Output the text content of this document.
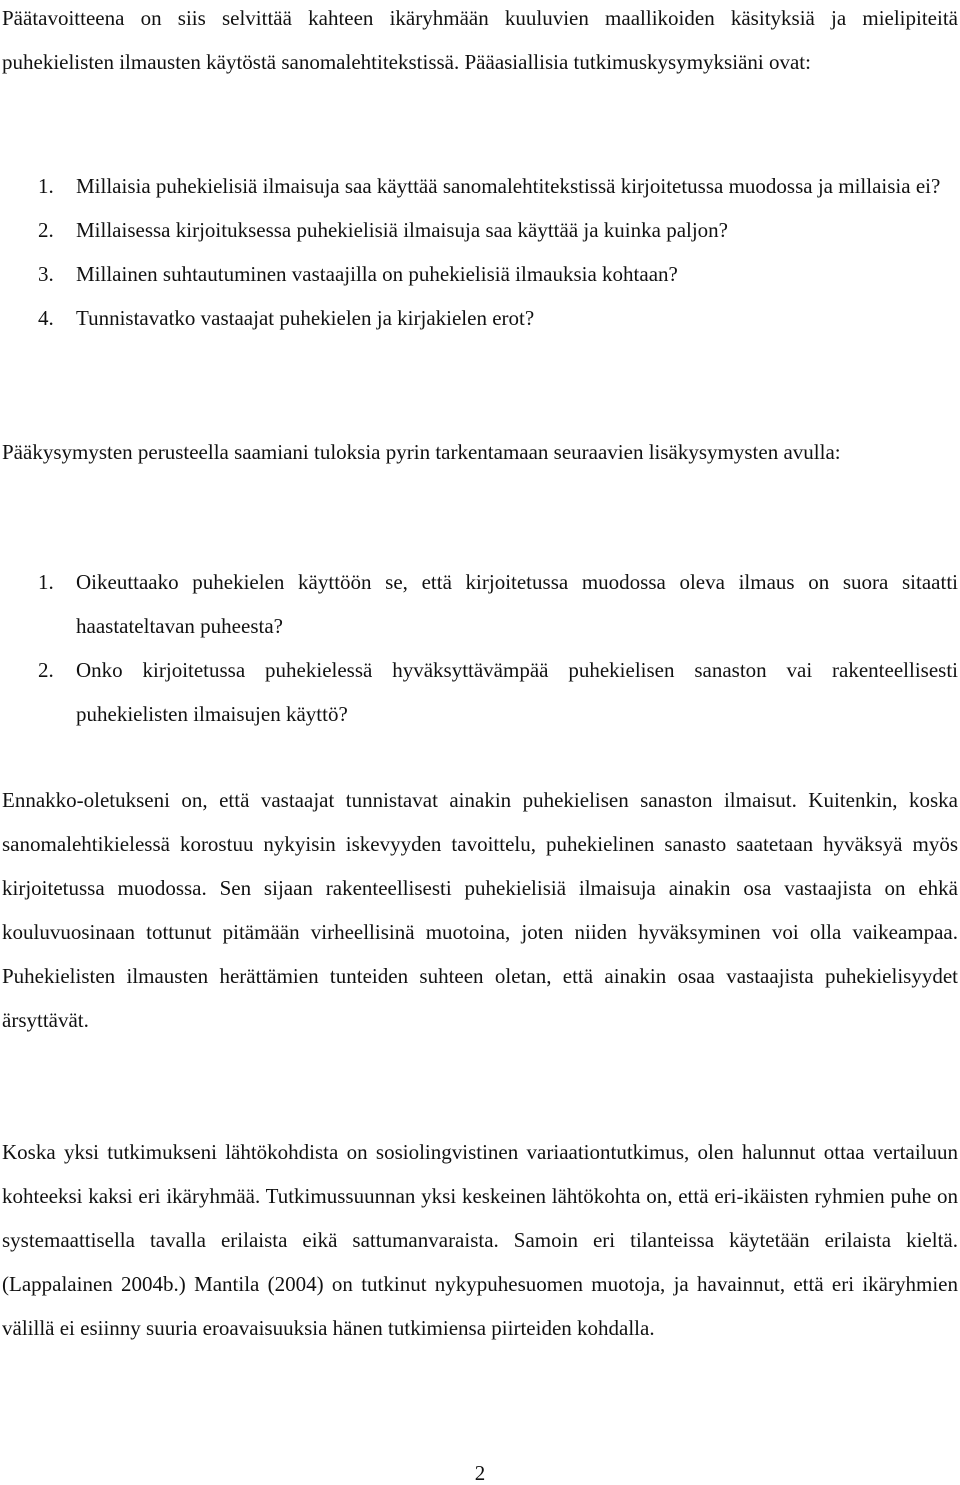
Päätavoitteena on siis selvittää kahteen ikäryhmään kuuluvien maallikoiden käsityksiä ja mielipiteitä puhekielisten ilmausten käytöstä sanomalehtitekstissä. Pääasiallisia tutkimuskysymyksiäni ovat:

1. Millaisia puhekielisiä ilmaisuja saa käyttää sanomalehtitekstissä kirjoitetussa muodossa ja millaisia ei?
2. Millaisessa kirjoituksessa puhekielisiä ilmaisuja saa käyttää ja kuinka paljon?
3. Millainen suhtautuminen vastaajilla on puhekielisiä ilmauksia kohtaan?
4. Tunnistavatko vastaajat puhekielen ja kirjakielen erot?

Pääkysymysten perusteella saamiani tuloksia pyrin tarkentamaan seuraavien lisäkysymysten avulla:

1. Oikeuttaako puhekielen käyttöön se, että kirjoitetussa muodossa oleva ilmaus on suora sitaatti haastateltavan puheesta?
2. Onko kirjoitetussa puhekielessä hyväksyttävämpää puhekielisen sanaston vai rakenteellisesti puhekielisten ilmaisujen käyttö?

Ennakko-oletukseni on, että vastaajat tunnistavat ainakin puhekielisen sanaston ilmaisut. Kuitenkin, koska sanomalehtikielessä korostuu nykyisin iskevyyden tavoittelu, puhekielinen sanasto saatetaan hyväksyä myös kirjoitetussa muodossa. Sen sijaan rakenteellisesti puhekielisiä ilmaisuja ainakin osa vastaajista on ehkä kouluvuosinaan tottunut pitämään virheellisinä muotoina, joten niiden hyväksyminen voi olla vaikeampaa. Puhekielisten ilmausten herättämien tunteiden suhteen oletan, että ainakin osaa vastaajista puhekielisyydet ärsyttävät.

Koska yksi tutkimukseni lähtökohdista on sosiolingvistinen variaationtutkimus, olen halunnut ottaa vertailuun kohteeksi kaksi eri ikäryhmää. Tutkimussuunnan yksi keskeinen lähtökohta on, että eri-ikäisten ryhmien puhe on systemaattisella tavalla erilaista eikä sattumanvaraista. Samoin eri tilanteissa käytetään erilaista kieltä. (Lappalainen 2004b.) Mantila (2004) on tutkinut nykypuhesuomen muotoja, ja havainnut, että eri ikäryhmien välillä ei esiinny suuria eroavaisuuksia hänen tutkimiensa piirteiden kohdalla.

2
